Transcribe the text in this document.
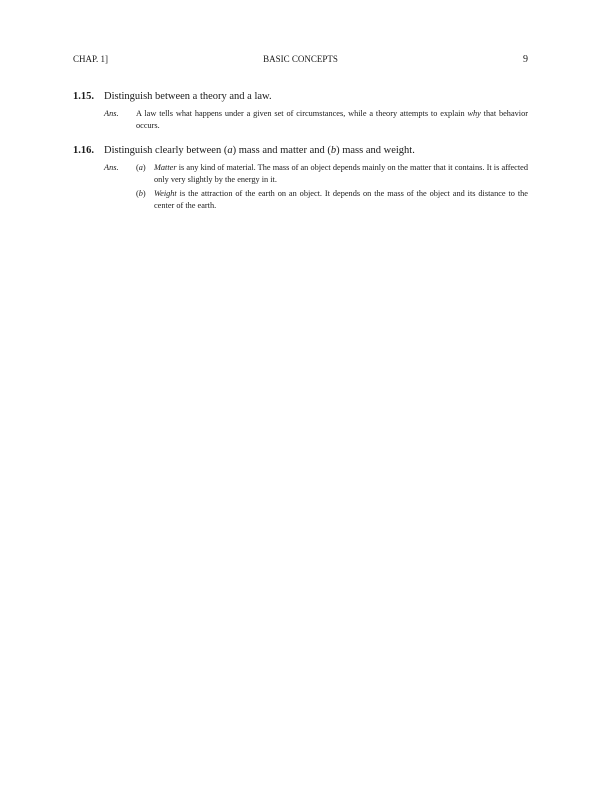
CHAP. 1]	BASIC CONCEPTS	9
1.15. Distinguish between a theory and a law.
Ans.	A law tells what happens under a given set of circumstances, while a theory attempts to explain why that behavior occurs.
1.16. Distinguish clearly between (a) mass and matter and (b) mass and weight.
Ans.	(a)	Matter is any kind of material. The mass of an object depends mainly on the matter that it contains. It is affected only very slightly by the energy in it.
(b)	Weight is the attraction of the earth on an object. It depends on the mass of the object and its distance to the center of the earth.
